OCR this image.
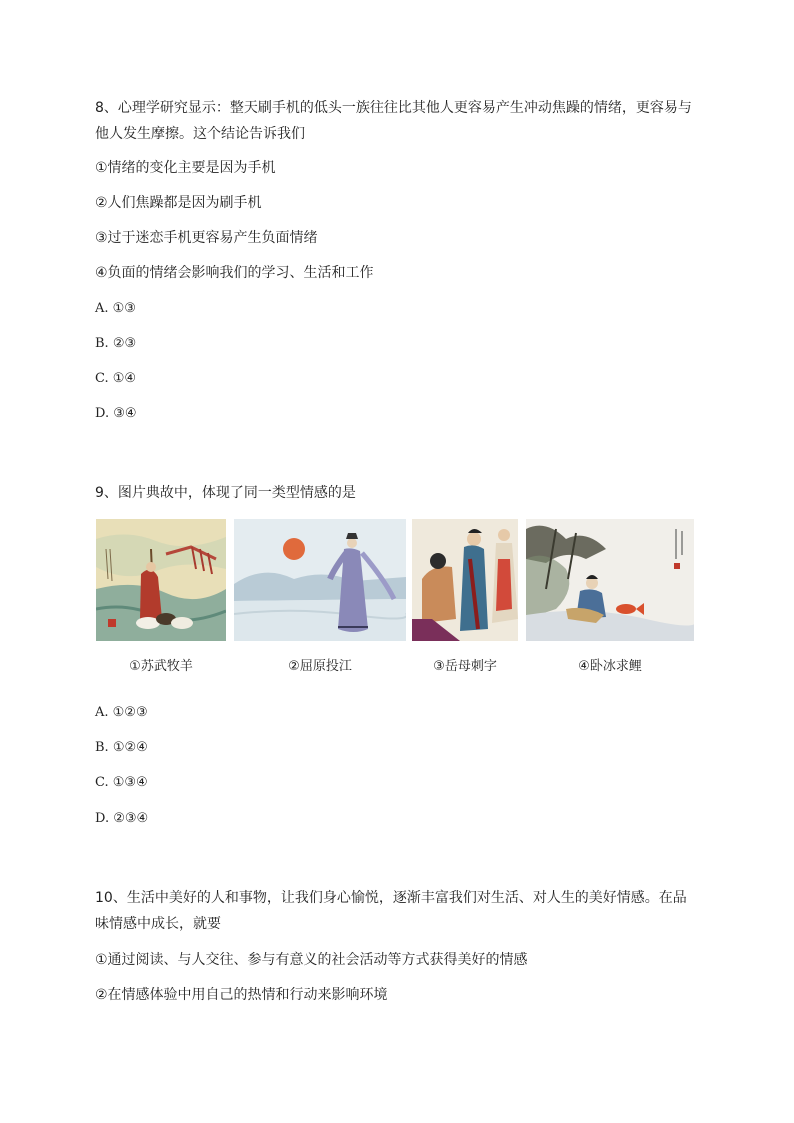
8、心理学研究显示：整天刷手机的低头一族往往比其他人更容易产生冲动焦躁的情绪，更容易与
他人发生摩擦。这个结论告诉我们
①情绪的变化主要是因为手机
②人们焦躁都是因为刷手机
③过于迷恋手机更容易产生负面情绪
④负面的情绪会影响我们的学习、生活和工作
A. ①③
B. ②③
C. ①④
D. ③④
9、图片典故中，体现了同一类型情感的是
①苏武牧羊	②屈原投江	③岳母刺字	④卧冰求鲤
A. ①②③
B. ①②④
C. ①③④
D. ②③④
10、生活中美好的人和事物，让我们身心愉悦，逐渐丰富我们对生活、对人生的美好情感。在品
味情感中成长，就要
①通过阅读、与人交往、参与有意义的社会活动等方式获得美好的情感
②在情感体验中用自己的热情和行动来影响环境
